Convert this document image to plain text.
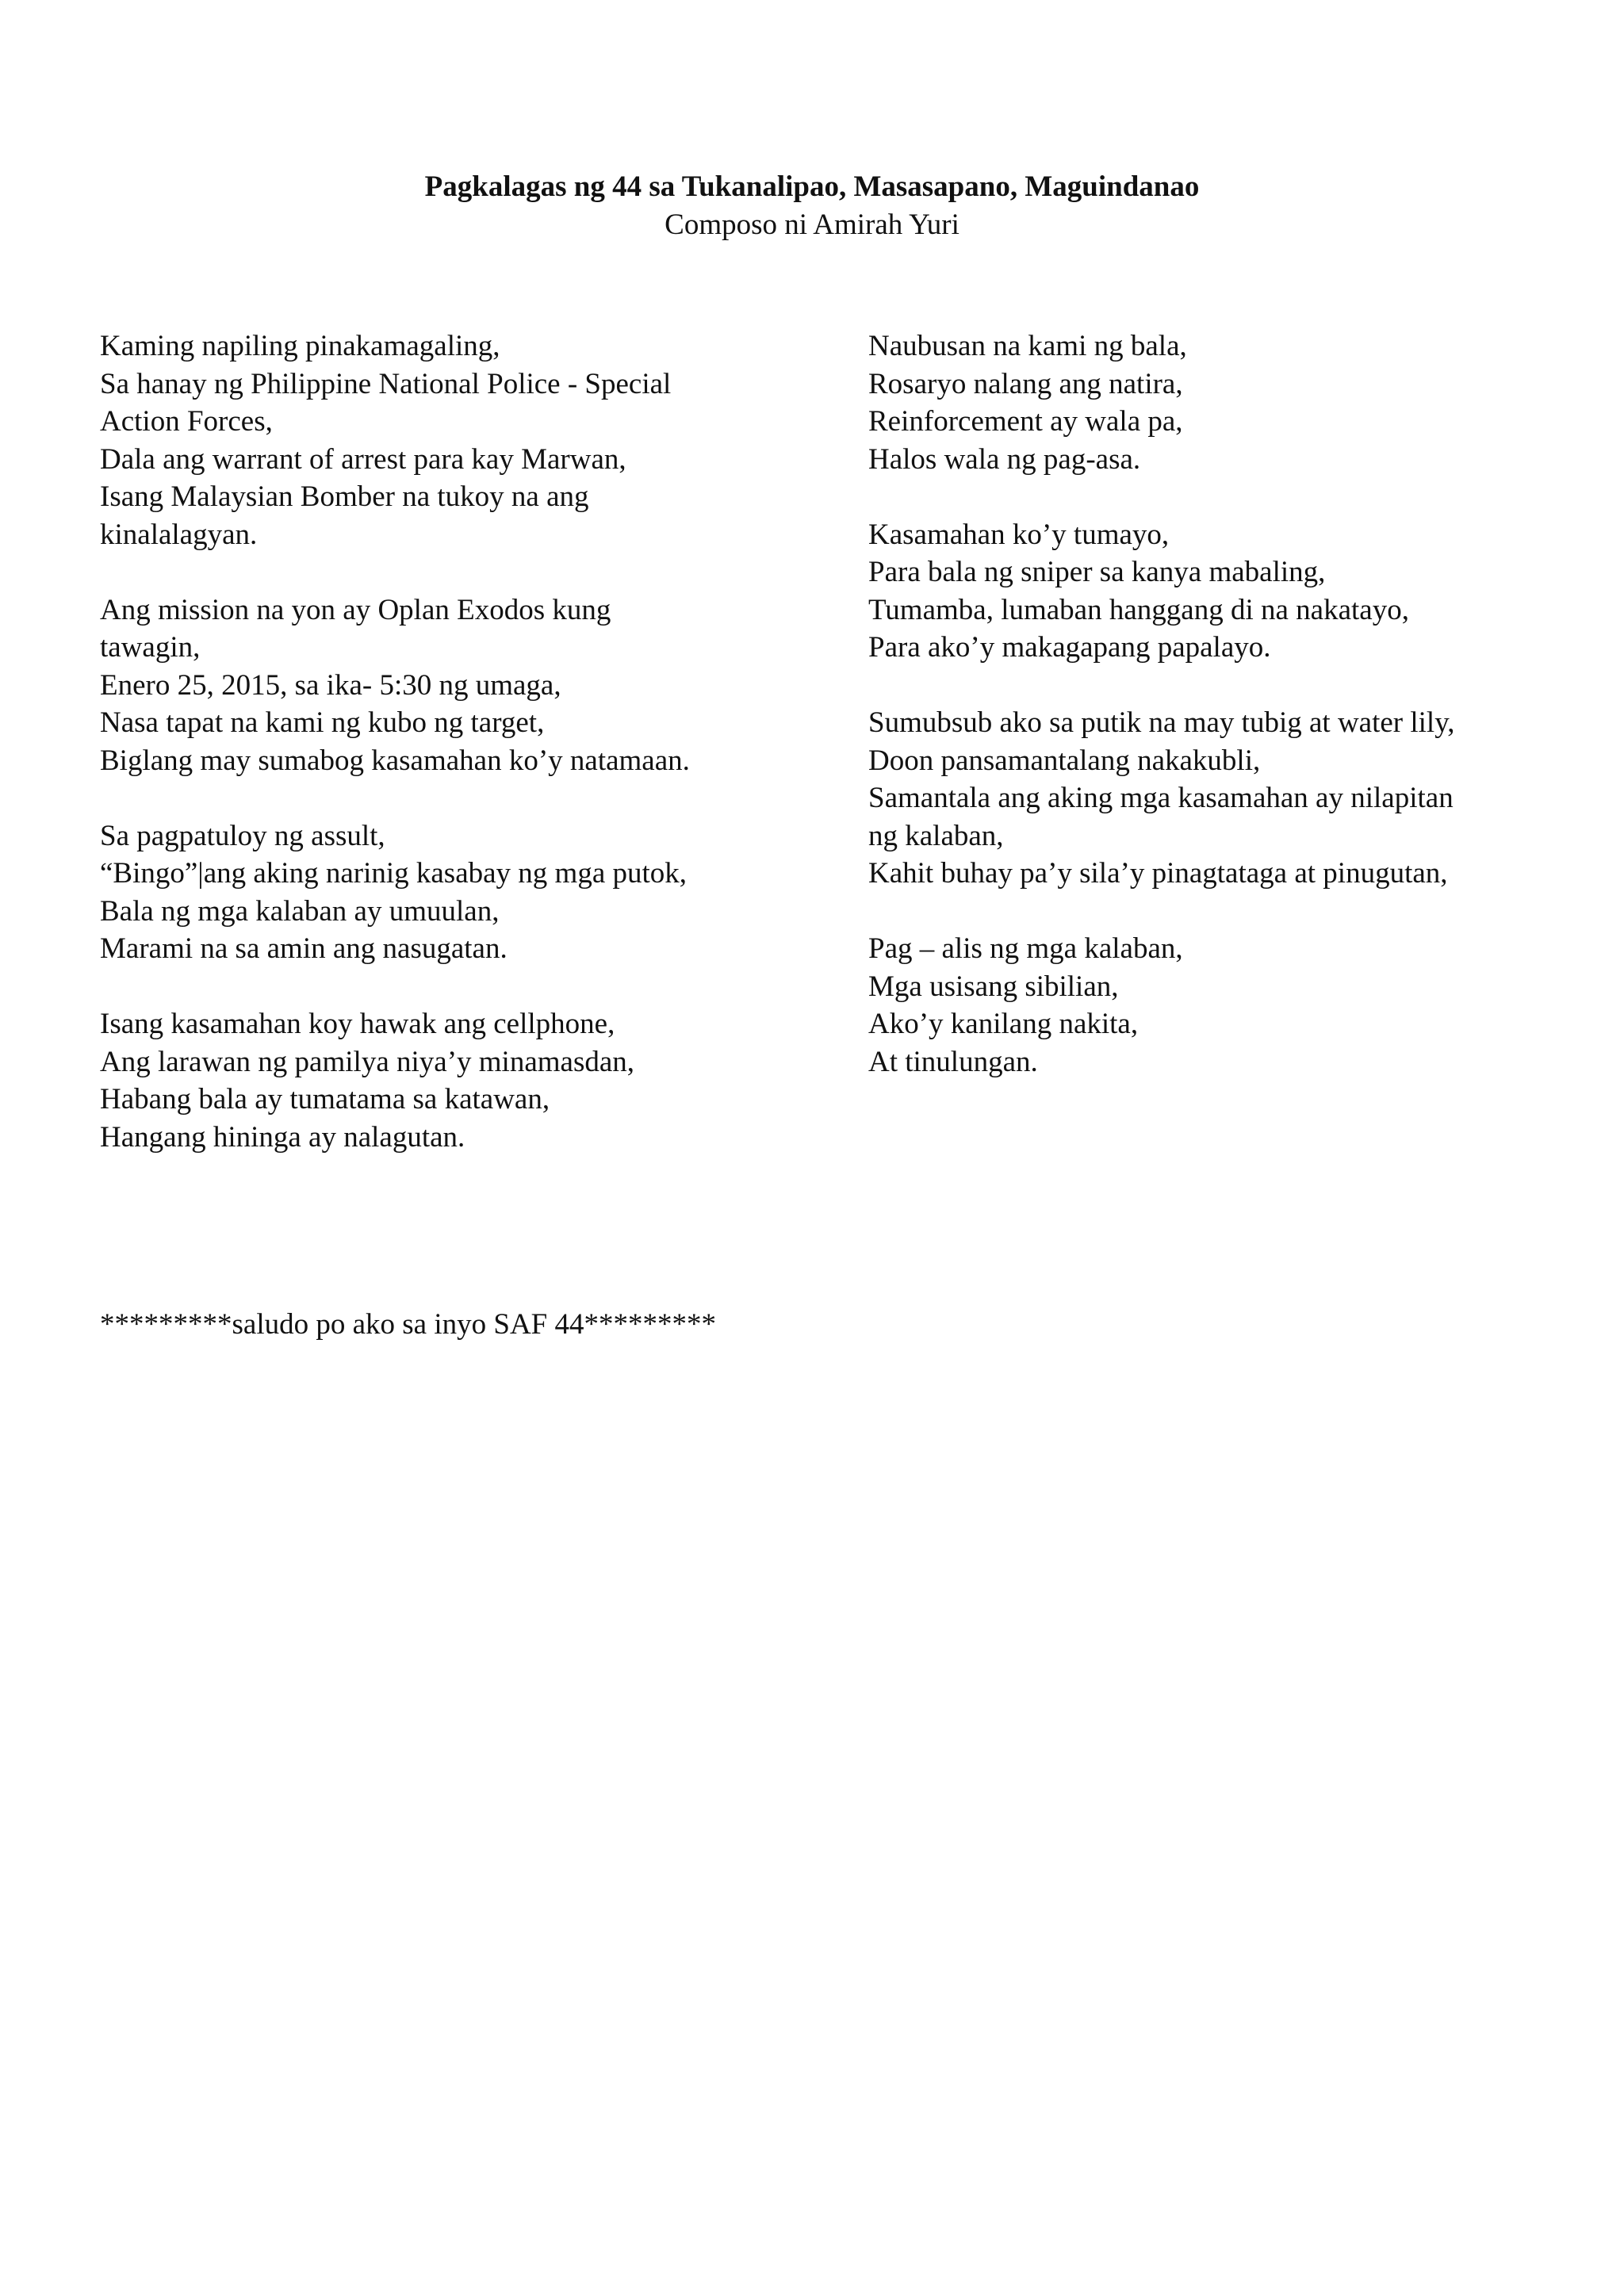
Pagkalagas ng 44 sa Tukanalipao, Masasapano, Maguindanao

Composo ni Amirah Yuri

Kaming napiling pinakamagaling,
Sa hanay ng Philippine National Police - Special
Action Forces,
Dala ang warrant of arrest para kay Marwan,
Isang Malaysian Bomber na tukoy na ang
kinalalagyan.
Ang mission na yon ay Oplan Exodos kung
tawagin,
Enero 25, 2015, sa ika- 5:30 ng umaga,
Nasa tapat na kami ng kubo ng target,
Biglang may sumabog kasamahan ko’y natamaan.
Sa pagpatuloy ng assult,
“Bingo”|ang aking narinig kasabay ng mga putok,
Bala ng mga kalaban ay umuulan,
Marami na sa amin ang nasugatan.
Isang kasamahan koy hawak ang cellphone,
Ang larawan ng pamilya niya’y minamasdan,
Habang bala ay tumatama sa katawan,
Hangang hininga ay nalagutan.
Naubusan na kami ng bala,
Rosaryo nalang ang natira,
Reinforcement ay wala pa,
Halos wala ng pag-asa.
Kasamahan ko’y tumayo,
Para bala ng sniper sa kanya mabaling,
Tumamba, lumaban hanggang di na nakatayo,
Para ako’y makagapang papalayo.
Sumubsub ako sa putik na may tubig at water lily,
Doon pansamantalang nakakubli,
Samantala ang aking mga kasamahan ay nilapitan
ng kalaban,
Kahit buhay pa’y sila’y pinagtataga at pinugutan,
Pag – alis ng mga kalaban,
Mga usisang sibilian,
Ako’y kanilang nakita,
At tinulungan.
*********saludo po ako sa inyo SAF 44*********
